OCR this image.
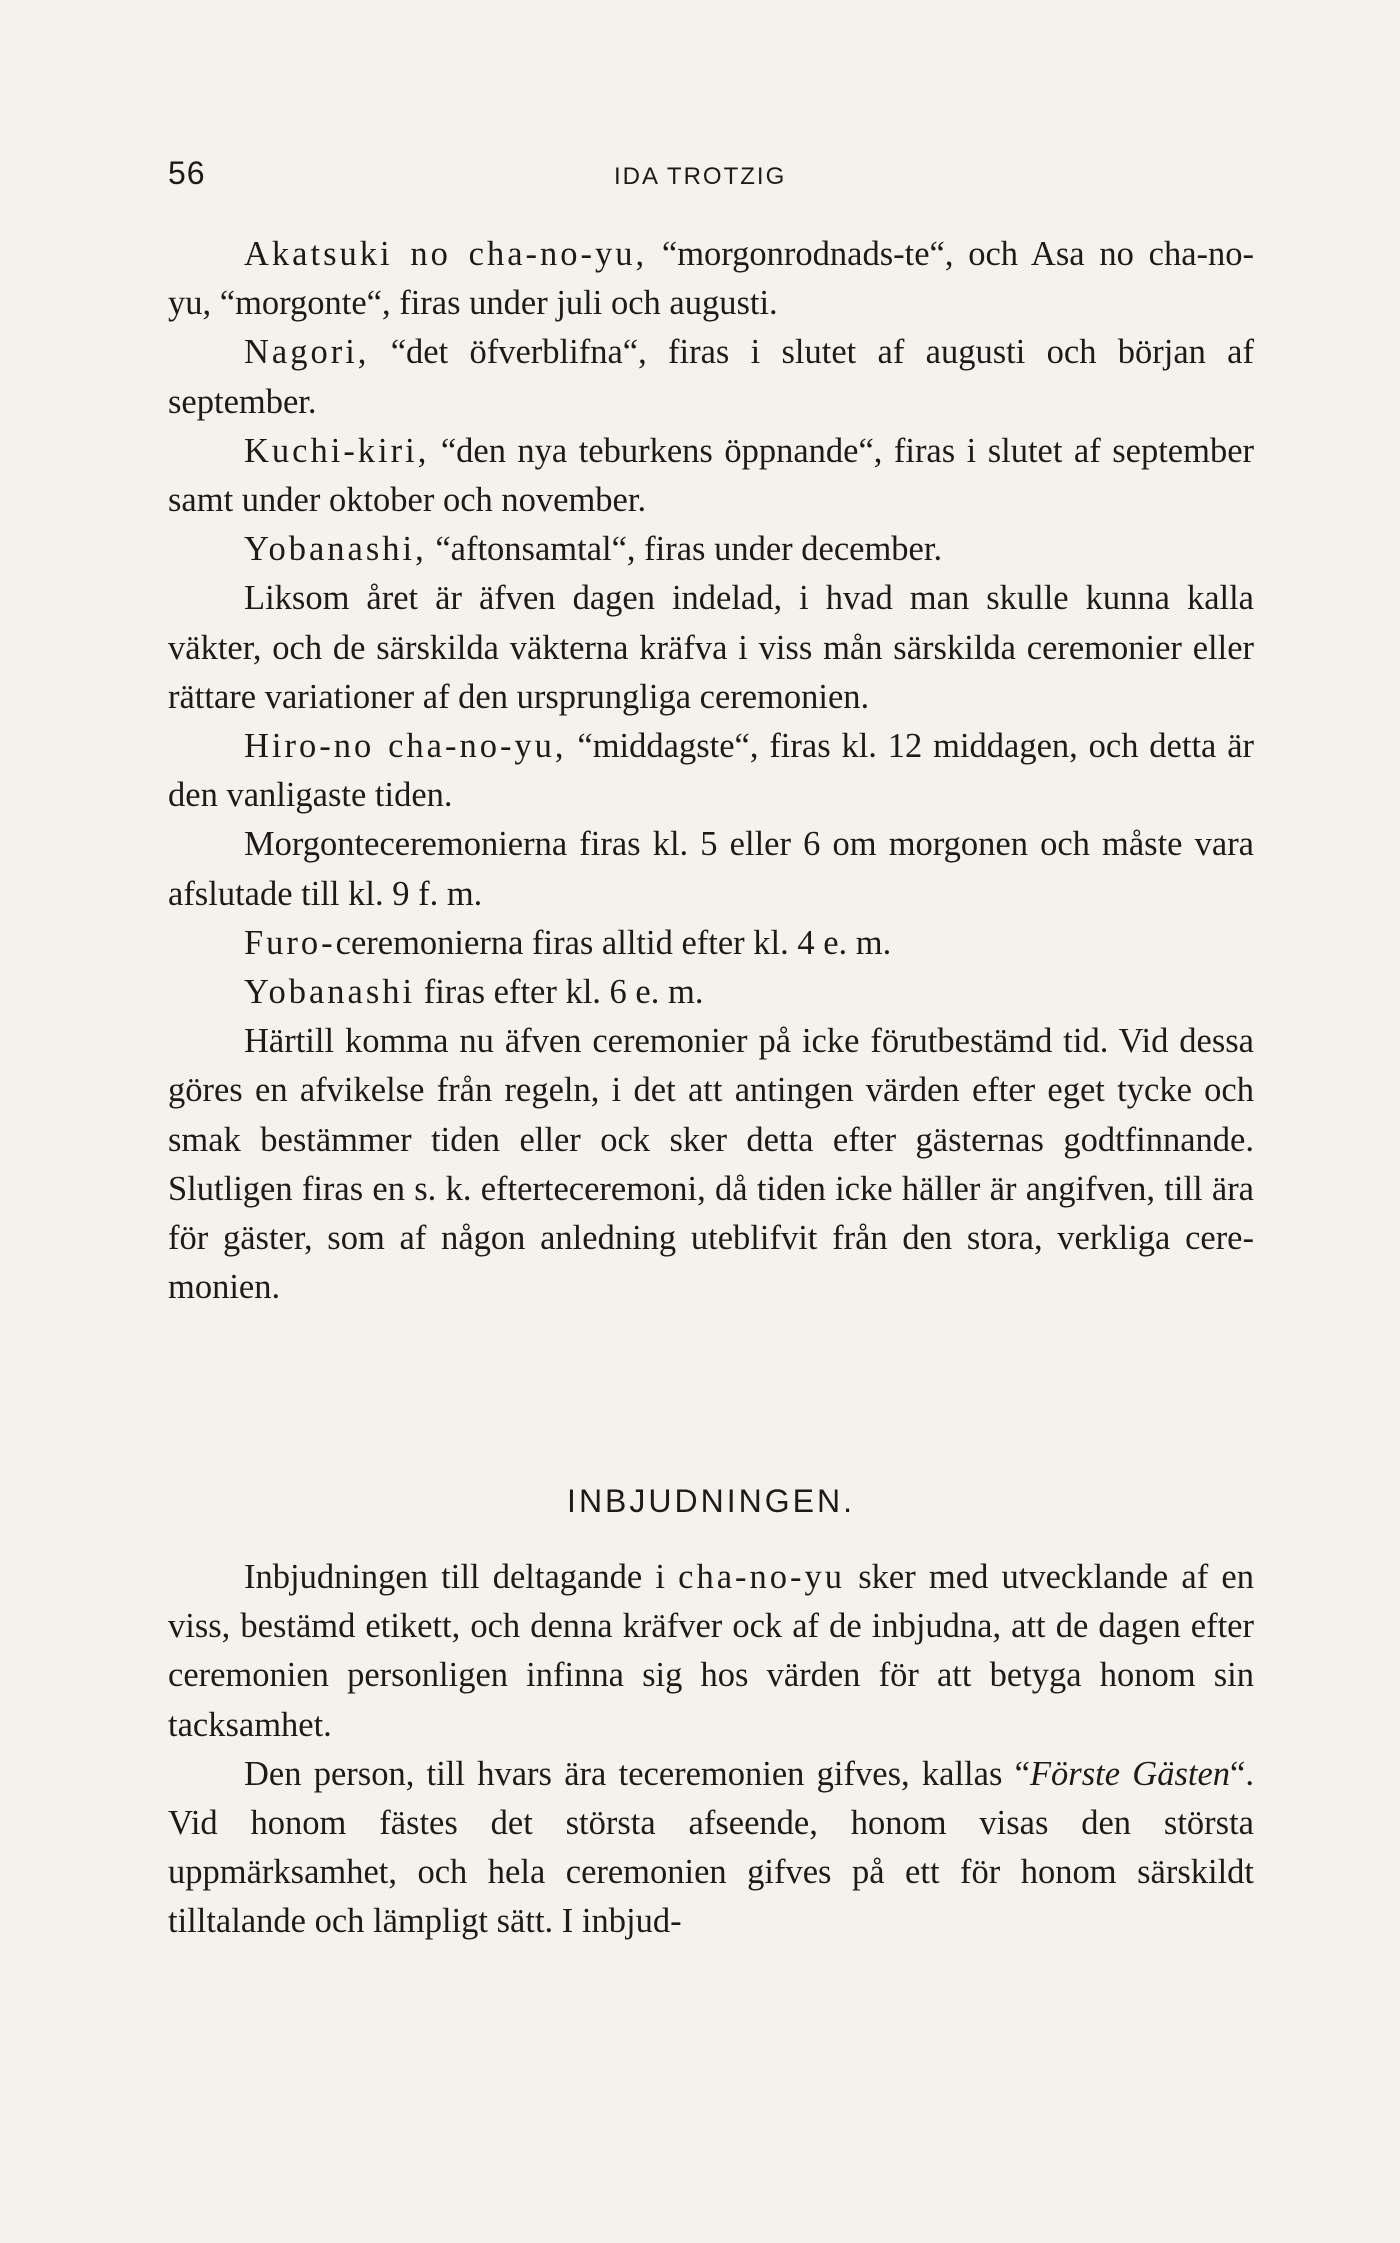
56	IDA TROTZIG

Akatsuki no cha-no-yu, “morgonrodnads-te“, och Asa no cha-no-yu, “morgonte“, firas under juli och augusti.

Nagori, “det öfverblifna“, firas i slutet af augusti och början af september.

Kuchi-kiri, “den nya teburkens öppnande“, firas i slutet af september samt under oktober och november.

Yobanashi, “aftonsamtal“, firas under december.

Liksom året är äfven dagen indelad, i hvad man skulle kunna kalla väkter, och de särskilda väkterna kräfva i viss mån särskilda ceremonier eller rättare variationer af den ursprungliga ceremonien.

Hiro-no cha-no-yu, “middagste“, firas kl. 12 middagen, och detta är den vanligaste tiden.

Morgonteceremonierna firas kl. 5 eller 6 om morgonen och måste vara afslutade till kl. 9 f. m.

Furo-ceremonierna firas alltid efter kl. 4 e. m.

Yobanashi firas efter kl. 6 e. m.

Härtill komma nu äfven ceremonier på icke förutbestämd tid. Vid dessa göres en afvikelse från regeln, i det att antingen värden efter eget tycke och smak bestämmer tiden eller ock sker detta efter gästernas godtfinnande. Slutligen firas en s. k. efterteceremoni, då tiden icke häller är angifven, till ära för gäster, som af någon anledning uteblifvit från den stora, verkliga ceremonien.

INBJUDNINGEN.

Inbjudningen till deltagande i cha-no-yu sker med utvecklande af en viss, bestämd etikett, och denna kräfver ock af de inbjudna, att de dagen efter ceremonien personligen infinna sig hos värden för att betyga honom sin tacksamhet.

Den person, till hvars ära teceremonien gifves, kallas “Förste Gästen“. Vid honom fästes det största afseende, honom visas den största uppmärksamhet, och hela ceremonien gifves på ett för honom särskildt tilltalande och lämpligt sätt. I inbjud-
